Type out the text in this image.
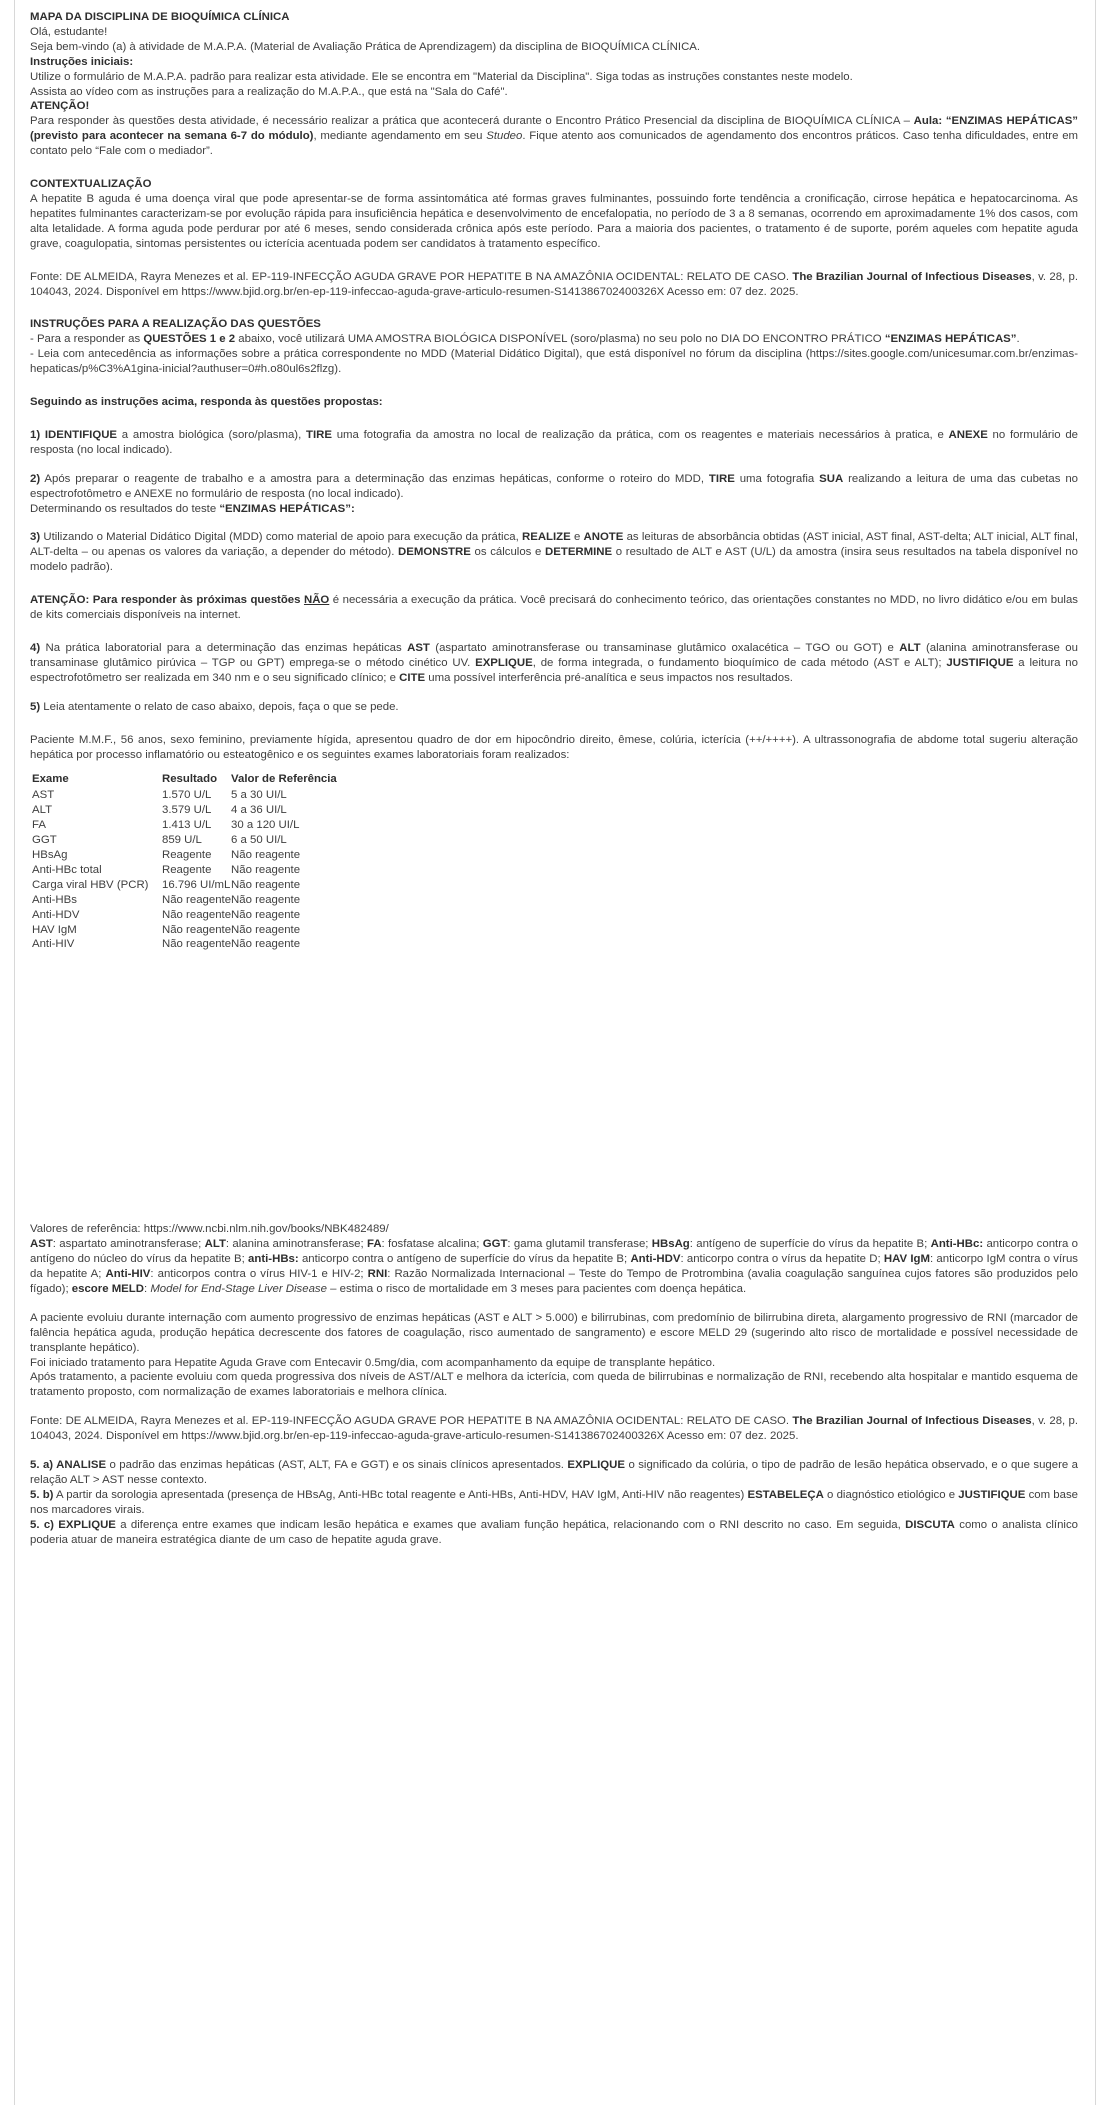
MAPA DA DISCIPLINA DE BIOQUÍMICA CLÍNICA
Olá, estudante!
Seja bem-vindo (a) à atividade de M.A.P.A. (Material de Avaliação Prática de Aprendizagem) da disciplina de BIOQUÍMICA CLÍNICA.
Instruções iniciais:
Utilize o formulário de M.A.P.A. padrão para realizar esta atividade. Ele se encontra em "Material da Disciplina". Siga todas as instruções constantes neste modelo.
Assista ao vídeo com as instruções para a realização do M.A.P.A., que está na "Sala do Café".
ATENÇÃO!
Para responder às questões desta atividade, é necessário realizar a prática que acontecerá durante o Encontro Prático Presencial da disciplina de BIOQUÍMICA CLÍNICA – Aula: “ENZIMAS HEPÁTICAS” (previsto para acontecer na semana 6-7 do módulo), mediante agendamento em seu Studeo. Fique atento aos comunicados de agendamento dos encontros práticos. Caso tenha dificuldades, entre em contato pelo “Fale com o mediador”.
CONTEXTUALIZAÇÃO
A hepatite B aguda é uma doença viral que pode apresentar-se de forma assintomática até formas graves fulminantes, possuindo forte tendência a cronificação, cirrose hepática e hepatocarcinoma. As hepatites fulminantes caracterizam-se por evolução rápida para insuficiência hepática e desenvolvimento de encefalopatia, no período de 3 a 8 semanas, ocorrendo em aproximadamente 1% dos casos, com alta letalidade. A forma aguda pode perdurar por até 6 meses, sendo considerada crônica após este período. Para a maioria dos pacientes, o tratamento é de suporte, porém aqueles com hepatite aguda grave, coagulopatia, sintomas persistentes ou icterícia acentuada podem ser candidatos à tratamento específico.
Fonte: DE ALMEIDA, Rayra Menezes et al. EP-119-INFECÇÃO AGUDA GRAVE POR HEPATITE B NA AMAZÔNIA OCIDENTAL: RELATO DE CASO. The Brazilian Journal of Infectious Diseases, v. 28, p. 104043, 2024. Disponível em https://www.bjid.org.br/en-ep-119-infeccao-aguda-grave-articulo-resumen-S141386702400326X Acesso em: 07 dez. 2025.
INSTRUÇÕES PARA A REALIZAÇÃO DAS QUESTÕES
- Para a responder as QUESTÕES 1 e 2 abaixo, você utilizará UMA AMOSTRA BIOLÓGICA DISPONÍVEL (soro/plasma) no seu polo no DIA DO ENCONTRO PRÁTICO “ENZIMAS HEPÁTICAS”.
- Leia com antecedência as informações sobre a prática correspondente no MDD (Material Didático Digital), que está disponível no fórum da disciplina (https://sites.google.com/unicesumar.com.br/enzimas-hepaticas/p%C3%A1gina-inicial?authuser=0#h.o80ul6s2flzg).
Seguindo as instruções acima, responda às questões propostas:
1) IDENTIFIQUE a amostra biológica (soro/plasma), TIRE uma fotografia da amostra no local de realização da prática, com os reagentes e materiais necessários à pratica, e ANEXE no formulário de resposta (no local indicado).
2) Após preparar o reagente de trabalho e a amostra para a determinação das enzimas hepáticas, conforme o roteiro do MDD, TIRE uma fotografia SUA realizando a leitura de uma das cubetas no espectrofotômetro e ANEXE no formulário de resposta (no local indicado).
Determinando os resultados do teste “ENZIMAS HEPÁTICAS”:
3) Utilizando o Material Didático Digital (MDD) como material de apoio para execução da prática, REALIZE e ANOTE as leituras de absorbância obtidas (AST inicial, AST final, AST-delta; ALT inicial, ALT final, ALT-delta – ou apenas os valores da variação, a depender do método). DEMONSTRE os cálculos e DETERMINE o resultado de ALT e AST (U/L) da amostra (insira seus resultados na tabela disponível no modelo padrão).
ATENÇÃO: Para responder às próximas questões NÃO é necessária a execução da prática. Você precisará do conhecimento teórico, das orientações constantes no MDD, no livro didático e/ou em bulas de kits comerciais disponíveis na internet.
4) Na prática laboratorial para a determinação das enzimas hepáticas AST (aspartato aminotransferase ou transaminase glutâmico oxalacética – TGO ou GOT) e ALT (alanina aminotransferase ou transaminase glutâmico pirúvica – TGP ou GPT) emprega-se o método cinético UV. EXPLIQUE, de forma integrada, o fundamento bioquímico de cada método (AST e ALT); JUSTIFIQUE a leitura no espectrofotômetro ser realizada em 340 nm e o seu significado clínico; e CITE uma possível interferência pré-analítica e seus impactos nos resultados.
5) Leia atentamente o relato de caso abaixo, depois, faça o que se pede.
Paciente M.M.F., 56 anos, sexo feminino, previamente hígida, apresentou quadro de dor em hipocôndrio direito, êmese, colúria, icterícia (++/++++). A ultrassonografia de abdome total sugeriu alteração hepática por processo inflamatório ou esteatogênico e os seguintes exames laboratoriais foram realizados:
Exame	Resultado	Valor de Referência
AST	1.570 U/L	5 a 30 UI/L
ALT	3.579 U/L	4 a 36 UI/L
FA	1.413 U/L	30 a 120 UI/L
GGT	859 U/L	6 a 50 UI/L
HBsAg	Reagente	Não reagente
Anti-HBc total	Reagente	Não reagente
Carga viral HBV (PCR)	16.796 UI/mL	Não reagente
Anti-HBs	Não reagente	Não reagente
Anti-HDV	Não reagente	Não reagente
HAV IgM	Não reagente	Não reagente
Anti-HIV	Não reagente	Não reagente
Valores de referência: https://www.ncbi.nlm.nih.gov/books/NBK482489/
AST: aspartato aminotransferase; ALT: alanina aminotransferase; FA: fosfatase alcalina; GGT: gama glutamil transferase; HBsAg: antígeno de superfície do vírus da hepatite B; Anti-HBc: anticorpo contra o antígeno do núcleo do vírus da hepatite B; anti-HBs: anticorpo contra o antígeno de superfície do vírus da hepatite B; Anti-HDV: anticorpo contra o vírus da hepatite D; HAV IgM: anticorpo IgM contra o vírus da hepatite A; Anti-HIV: anticorpos contra o vírus HIV-1 e HIV-2; RNI: Razão Normalizada Internacional – Teste do Tempo de Protrombina (avalia coagulação sanguínea cujos fatores são produzidos pelo fígado); escore MELD: Model for End-Stage Liver Disease – estima o risco de mortalidade em 3 meses para pacientes com doença hepática.
A paciente evoluiu durante internação com aumento progressivo de enzimas hepáticas (AST e ALT > 5.000) e bilirrubinas, com predomínio de bilirrubina direta, alargamento progressivo de RNI (marcador de falência hepática aguda, produção hepática decrescente dos fatores de coagulação, risco aumentado de sangramento) e escore MELD 29 (sugerindo alto risco de mortalidade e possível necessidade de transplante hepático).
Foi iniciado tratamento para Hepatite Aguda Grave com Entecavir 0.5mg/dia, com acompanhamento da equipe de transplante hepático.
Após tratamento, a paciente evoluiu com queda progressiva dos níveis de AST/ALT e melhora da icterícia, com queda de bilirrubinas e normalização de RNI, recebendo alta hospitalar e mantido esquema de tratamento proposto, com normalização de exames laboratoriais e melhora clínica.
Fonte: DE ALMEIDA, Rayra Menezes et al. EP-119-INFECÇÃO AGUDA GRAVE POR HEPATITE B NA AMAZÔNIA OCIDENTAL: RELATO DE CASO. The Brazilian Journal of Infectious Diseases, v. 28, p. 104043, 2024. Disponível em https://www.bjid.org.br/en-ep-119-infeccao-aguda-grave-articulo-resumen-S141386702400326X Acesso em: 07 dez. 2025.
5. a) ANALISE o padrão das enzimas hepáticas (AST, ALT, FA e GGT) e os sinais clínicos apresentados. EXPLIQUE o significado da colúria, o tipo de padrão de lesão hepática observado, e o que sugere a relação ALT > AST nesse contexto.
5. b) A partir da sorologia apresentada (presença de HBsAg, Anti-HBc total reagente e Anti-HBs, Anti-HDV, HAV IgM, Anti-HIV não reagentes) ESTABELEÇA o diagnóstico etiológico e JUSTIFIQUE com base nos marcadores virais.
5. c) EXPLIQUE a diferença entre exames que indicam lesão hepática e exames que avaliam função hepática, relacionando com o RNI descrito no caso. Em seguida, DISCUTA como o analista clínico poderia atuar de maneira estratégica diante de um caso de hepatite aguda grave.
